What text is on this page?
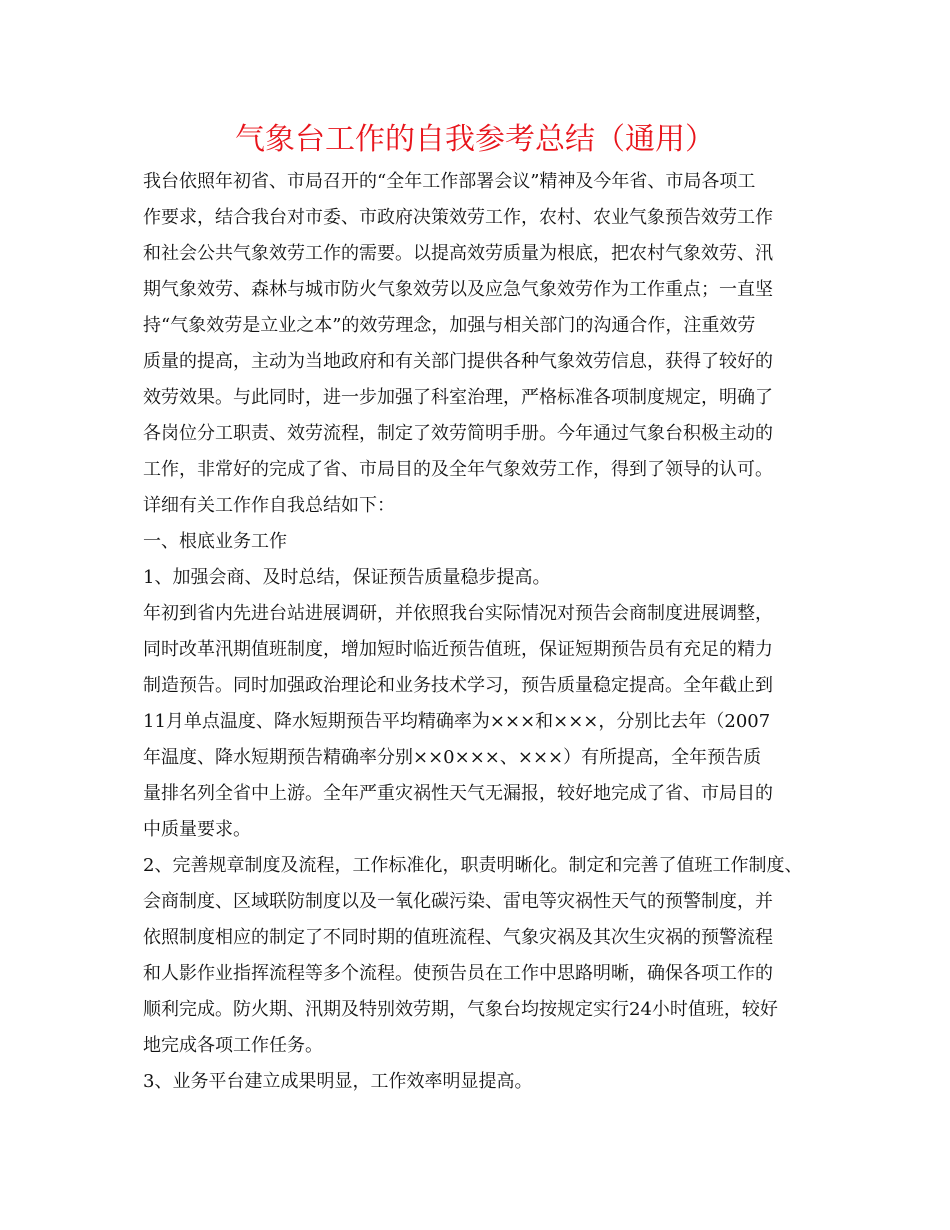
气象台工作的自我参考总结（通用）
我台依照年初省、市局召开的“全年工作部署会议”精神及今年省、市局各项工
作要求，结合我台对市委、市政府决策效劳工作，农村、农业气象预告效劳工作
和社会公共气象效劳工作的需要。以提高效劳质量为根底，把农村气象效劳、汛
期气象效劳、森林与城市防火气象效劳以及应急气象效劳作为工作重点；一直坚
持“气象效劳是立业之本”的效劳理念，加强与相关部门的沟通合作，注重效劳
质量的提高，主动为当地政府和有关部门提供各种气象效劳信息，获得了较好的
效劳效果。与此同时，进一步加强了科室治理，严格标准各项制度规定，明确了
各岗位分工职责、效劳流程，制定了效劳简明手册。今年通过气象台积极主动的
工作，非常好的完成了省、市局目的及全年气象效劳工作，得到了领导的认可。
详细有关工作作自我总结如下：
一、根底业务工作
1、加强会商、及时总结，保证预告质量稳步提高。
年初到省内先进台站进展调研，并依照我台实际情况对预告会商制度进展调整，
同时改革汛期值班制度，增加短时临近预告值班，保证短期预告员有充足的精力
制造预告。同时加强政治理论和业务技术学习，预告质量稳定提高。全年截止到
11月单点温度、降水短期预告平均精确率为×××和×××，分别比去年（2007
年温度、降水短期预告精确率分别××0×××、×××）有所提高，全年预告质
量排名列全省中上游。全年严重灾祸性天气无漏报，较好地完成了省、市局目的
中质量要求。
2、完善规章制度及流程，工作标准化，职责明晰化。制定和完善了值班工作制度、
会商制度、区域联防制度以及一氧化碳污染、雷电等灾祸性天气的预警制度，并
依照制度相应的制定了不同时期的值班流程、气象灾祸及其次生灾祸的预警流程
和人影作业指挥流程等多个流程。使预告员在工作中思路明晰，确保各项工作的
顺利完成。防火期、汛期及特别效劳期，气象台均按规定实行24小时值班，较好
地完成各项工作任务。
3、业务平台建立成果明显，工作效率明显提高。
